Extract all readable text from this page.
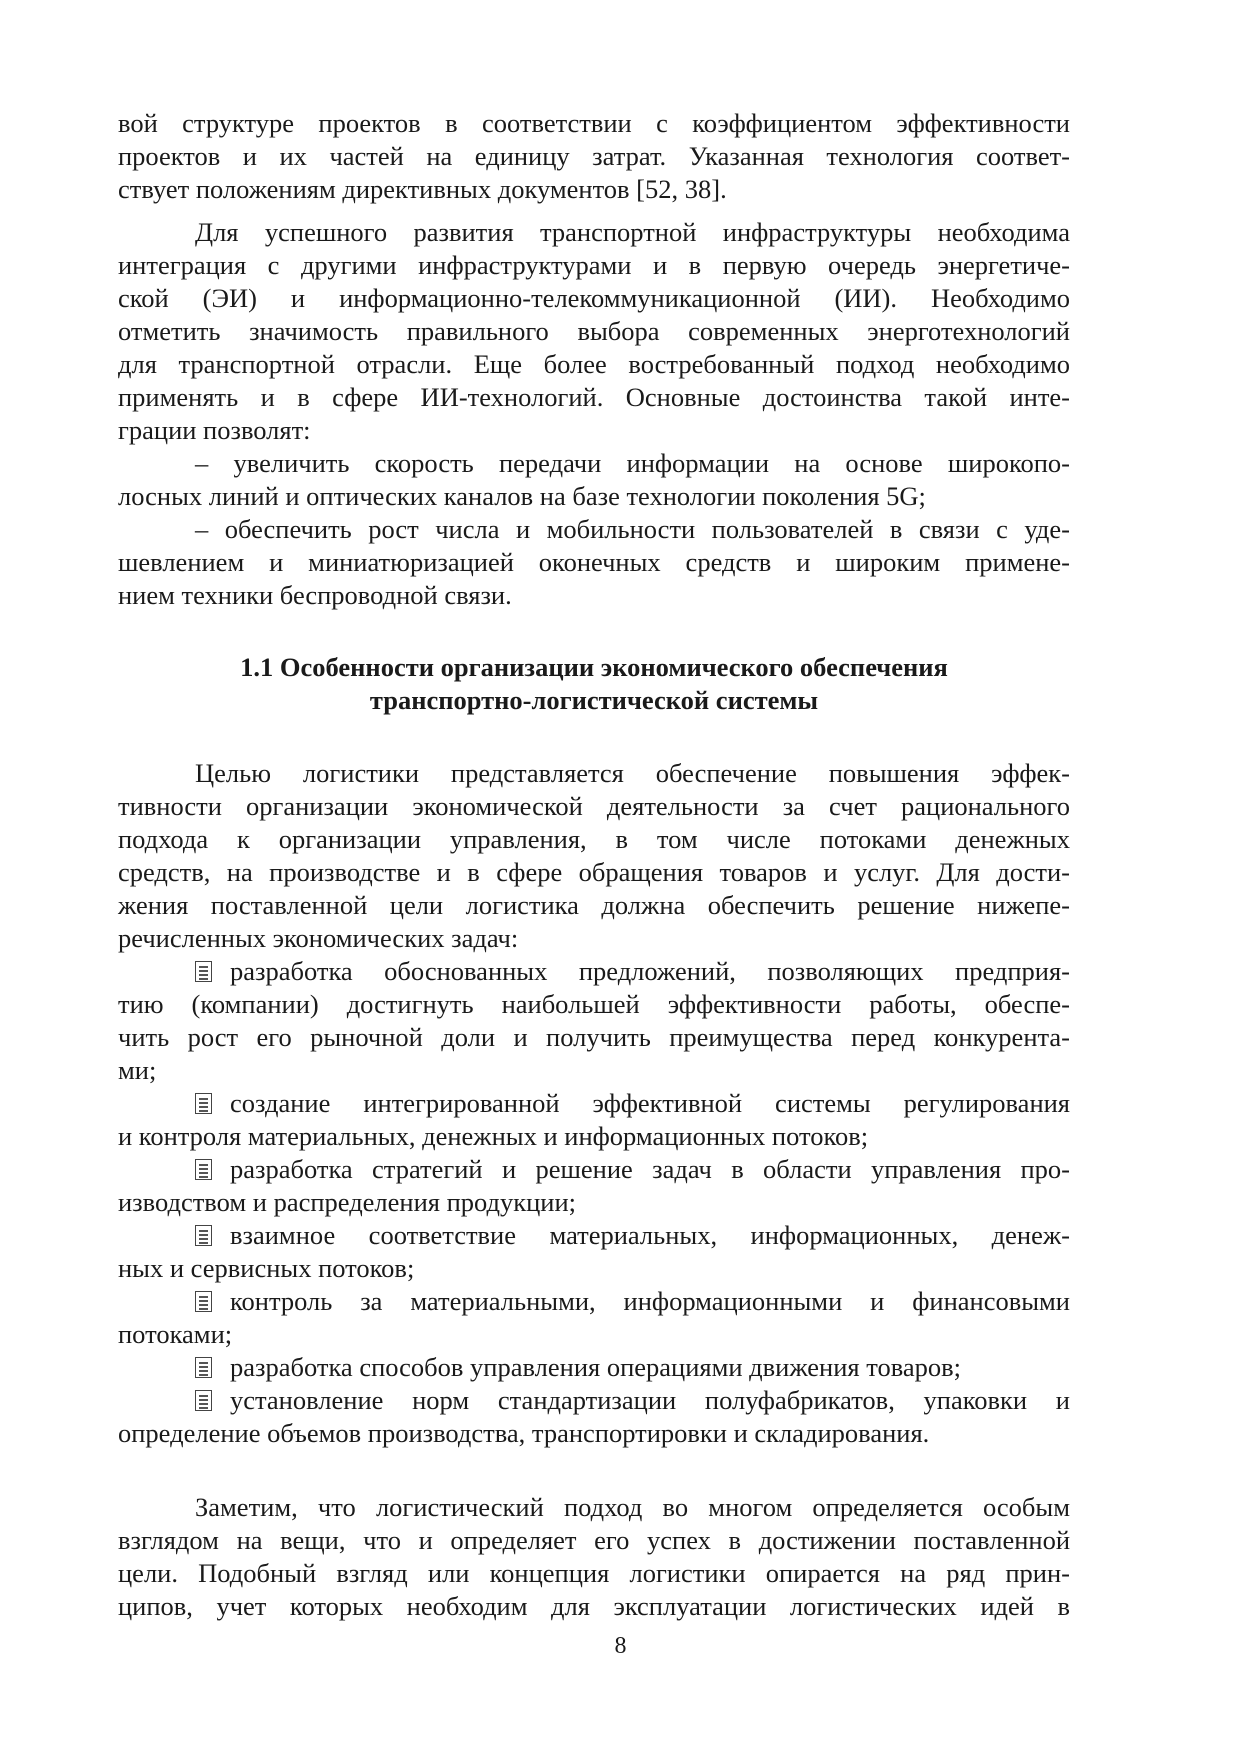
вой структуре проектов в соответствии с коэффициентом эффективности
проектов и их частей на единицу затрат. Указанная технология соответ-
ствует положениям директивных документов [52, 38].
Для успешного развития транспортной инфраструктуры необходима
интеграция с другими инфраструктурами и в первую очередь энергетиче-
ской (ЭИ) и информационно-телекоммуникационной (ИИ). Необходимо
отметить значимость правильного выбора современных энерготехнологий
для транспортной отрасли. Еще более востребованный подход необходимо
применять и в сфере ИИ-технологий. Основные достоинства такой инте-
грации позволят:
– увеличить скорость передачи информации на основе широкопо-
лосных линий и оптических каналов на базе технологии поколения 5G;
– обеспечить рост числа и мобильности пользователей в связи с уде-
шевлением и миниатюризацией оконечных средств и широким примене-
нием техники беспроводной связи.
1.1 Особенности организации экономического обеспечения
транспортно-логистической системы
Целью логистики представляется обеспечение повышения эффек-
тивности организации экономической деятельности за счет рационального
подхода к организации управления, в том числе потоками денежных
средств, на производстве и в сфере обращения товаров и услуг. Для дости-
жения поставленной цели логистика должна обеспечить решение нижепе-
речисленных экономических задач:
разработка обоснованных предложений, позволяющих предприя-
тию (компании) достигнуть наибольшей эффективности работы, обеспе-
чить рост его рыночной доли и получить преимущества перед конкурента-
ми;
создание интегрированной эффективной системы регулирования
и контроля материальных, денежных и информационных потоков;
разработка стратегий и решение задач в области управления про-
изводством и распределения продукции;
взаимное соответствие материальных, информационных, денеж-
ных и сервисных потоков;
контроль за материальными, информационными и финансовыми
потоками;
разработка способов управления операциями движения товаров;
установление норм стандартизации полуфабрикатов, упаковки и
определение объемов производства, транспортировки и складирования.
Заметим, что логистический подход во многом определяется особым
взглядом на вещи, что и определяет его успех в достижении поставленной
цели. Подобный взгляд или концепция логистики опирается на ряд прин-
ципов, учет которых необходим для эксплуатации логистических идей в
8
